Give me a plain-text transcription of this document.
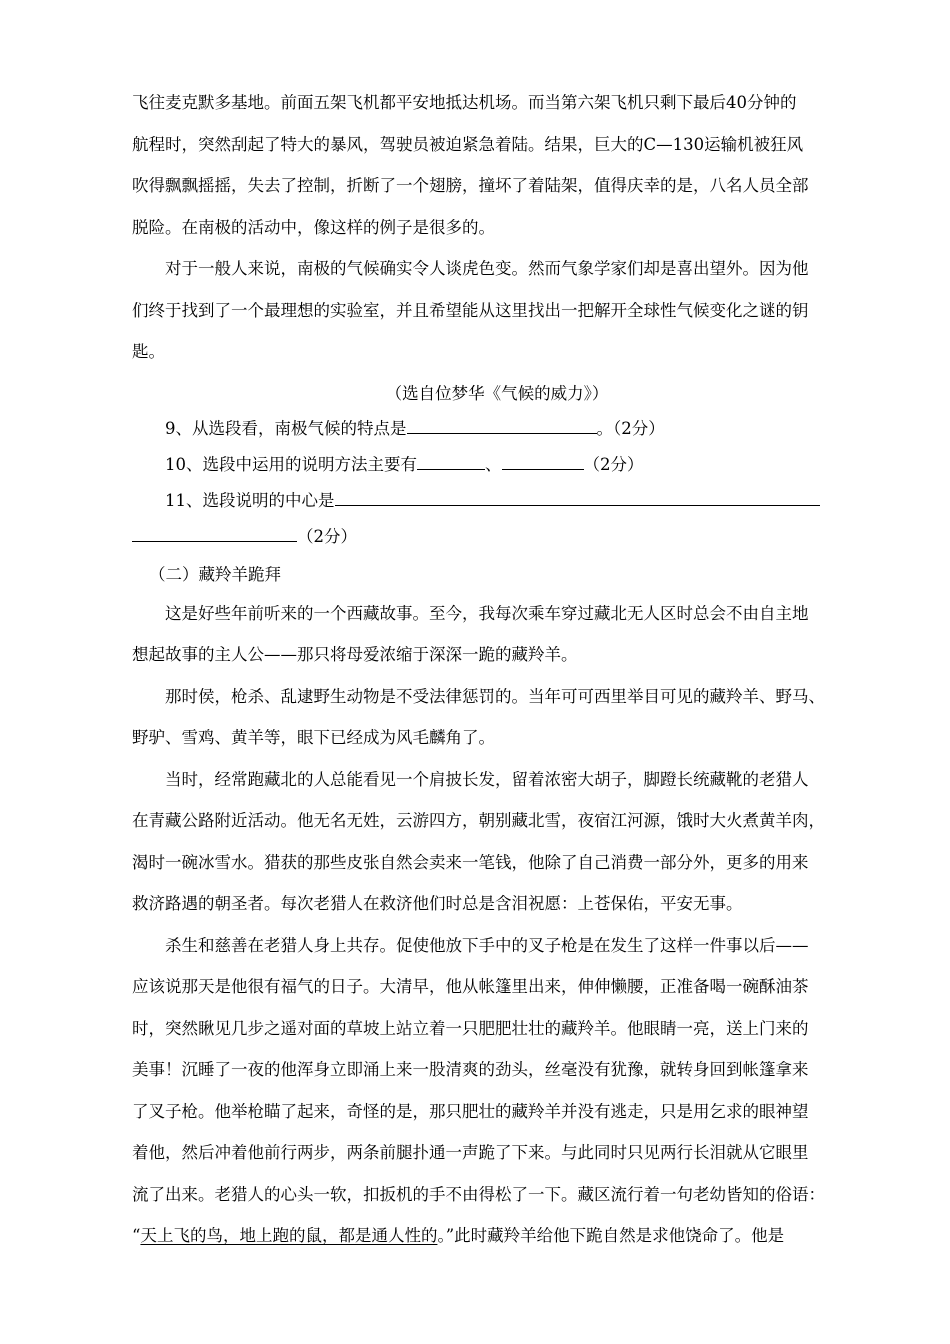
飞往麦克默多基地。前面五架飞机都平安地抵达机场。而当第六架飞机只剩下最后40分钟的

航程时，突然刮起了特大的暴风，驾驶员被迫紧急着陆。结果，巨大的C—130运输机被狂风

吹得飘飘摇摇，失去了控制，折断了一个翅膀，撞坏了着陆架，值得庆幸的是，八名人员全部

脱险。在南极的活动中，像这样的例子是很多的。

对于一般人来说，南极的气候确实令人谈虎色变。然而气象学家们却是喜出望外。因为他

们终于找到了一个最理想的实验室，并且希望能从这里找出一把解开全球性气候变化之谜的钥

匙。

（选自位梦华《气候的威力》）

9、从选段看，南极气候的特点是	。（2分）
10、选段中运用的说明方法主要有	、	（2分）
11、选段说明的中心是
（2分）
（二）藏羚羊跪拜

这是好些年前听来的一个西藏故事。至今，我每次乘车穿过藏北无人区时总会不由自主地

想起故事的主人公——那只将母爱浓缩于深深一跪的藏羚羊。

那时侯，枪杀、乱逮野生动物是不受法律惩罚的。当年可可西里举目可见的藏羚羊、野马、

野驴、雪鸡、黄羊等，眼下已经成为风毛麟角了。

当时，经常跑藏北的人总能看见一个肩披长发，留着浓密大胡子，脚蹬长统藏靴的老猎人

在青藏公路附近活动。他无名无姓，云游四方，朝别藏北雪，夜宿江河源，饿时大火煮黄羊肉，

渴时一碗冰雪水。猎获的那些皮张自然会卖来一笔钱，他除了自己消费一部分外，更多的用来

救济路遇的朝圣者。每次老猎人在救济他们时总是含泪祝愿：上苍保佑，平安无事。

杀生和慈善在老猎人身上共存。促使他放下手中的叉子枪是在发生了这样一件事以后——

应该说那天是他很有福气的日子。大清早，他从帐篷里出来，伸伸懒腰，正准备喝一碗酥油茶

时，突然瞅见几步之遥对面的草坡上站立着一只肥肥壮壮的藏羚羊。他眼睛一亮，送上门来的

美事！沉睡了一夜的他浑身立即涌上来一股清爽的劲头，丝毫没有犹豫，就转身回到帐篷拿来

了叉子枪。他举枪瞄了起来，奇怪的是，那只肥壮的藏羚羊并没有逃走，只是用乞求的眼神望

着他，然后冲着他前行两步，两条前腿扑通一声跪了下来。与此同时只见两行长泪就从它眼里

流了出来。老猎人的心头一软，扣扳机的手不由得松了一下。藏区流行着一句老幼皆知的俗语：

“天上飞的鸟，地上跑的鼠，都是通人性的。”此时藏羚羊给他下跪自然是求他饶命了。他是
